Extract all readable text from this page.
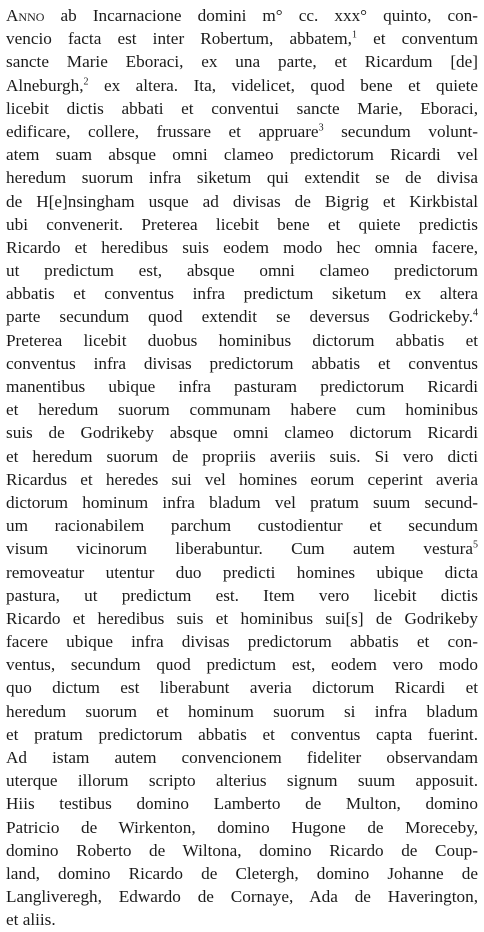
Anno ab Incarnacione domini m° cc. xxx° quinto, con-
vencio facta est inter Robertum, abbatem,$^1$ et conventum
sancte Marie Eboraci, ex una parte, et Ricardum [de]
Alneburgh,$^2$ ex altera. Ita, videlicet, quod bene et quiete
licebit dictis abbati et conventui sancte Marie, Eboraci,
edificare, collere, frussare et appruare$^3$ secundum volunt-
atem suam absque omni clameo predictorum Ricardi vel
heredum suorum infra siketum qui extendit se de divisa
de H[e]nsingham usque ad divisas de Bigrig et Kirkbistal
ubi convenerit. Preterea licebit bene et quiete predictis
Ricardo et heredibus suis eodem modo hec omnia facere,
ut predictum est, absque omni clameo predictorum
abbatis et conventus infra predictum siketum ex altera
parte secundum quod extendit se deversus Godrickeby.$^4$
Preterea licebit duobus hominibus dictorum abbatis et
conventus infra divisas predictorum abbatis et conventus
manentibus ubique infra pasturam predictorum Ricardi
et heredum suorum communam habere cum hominibus
suis de Godrikeby absque omni clameo dictorum Ricardi
et heredum suorum de propriis averiis suis. Si vero dicti
Ricardus et heredes sui vel homines eorum ceperint averia
dictorum hominum infra bladum vel pratum suum secund-
um racionabilem parchum custodientur et secundum
visum vicinorum liberabuntur. Cum autem vestura$^5$
removeatur utentur duo predicti homines ubique dicta
pastura, ut predictum est. Item vero licebit dictis
Ricardo et heredibus suis et hominibus sui[s] de Godrikeby
facere ubique infra divisas predictorum abbatis et con-
ventus, secundum quod predictum est, eodem vero modo
quo dictum est liberabunt averia dictorum Ricardi et
heredum suorum et hominum suorum si infra bladum
et pratum predictorum abbatis et conventus capta fuerint.
Ad istam autem convencionem fideliter observandam
uterque illorum scripto alterius signum suum apposuit.
Hiis testibus domino Lamberto de Multon, domino
Patricio de Wirkenton, domino Hugone de Moreceby,
domino Roberto de Wiltona, domino Ricardo de Coup-
land, domino Ricardo de Cletergh, domino Johanne de
Langliveregh, Edwardo de Cornaye, Ada de Haverington,
et aliis.
